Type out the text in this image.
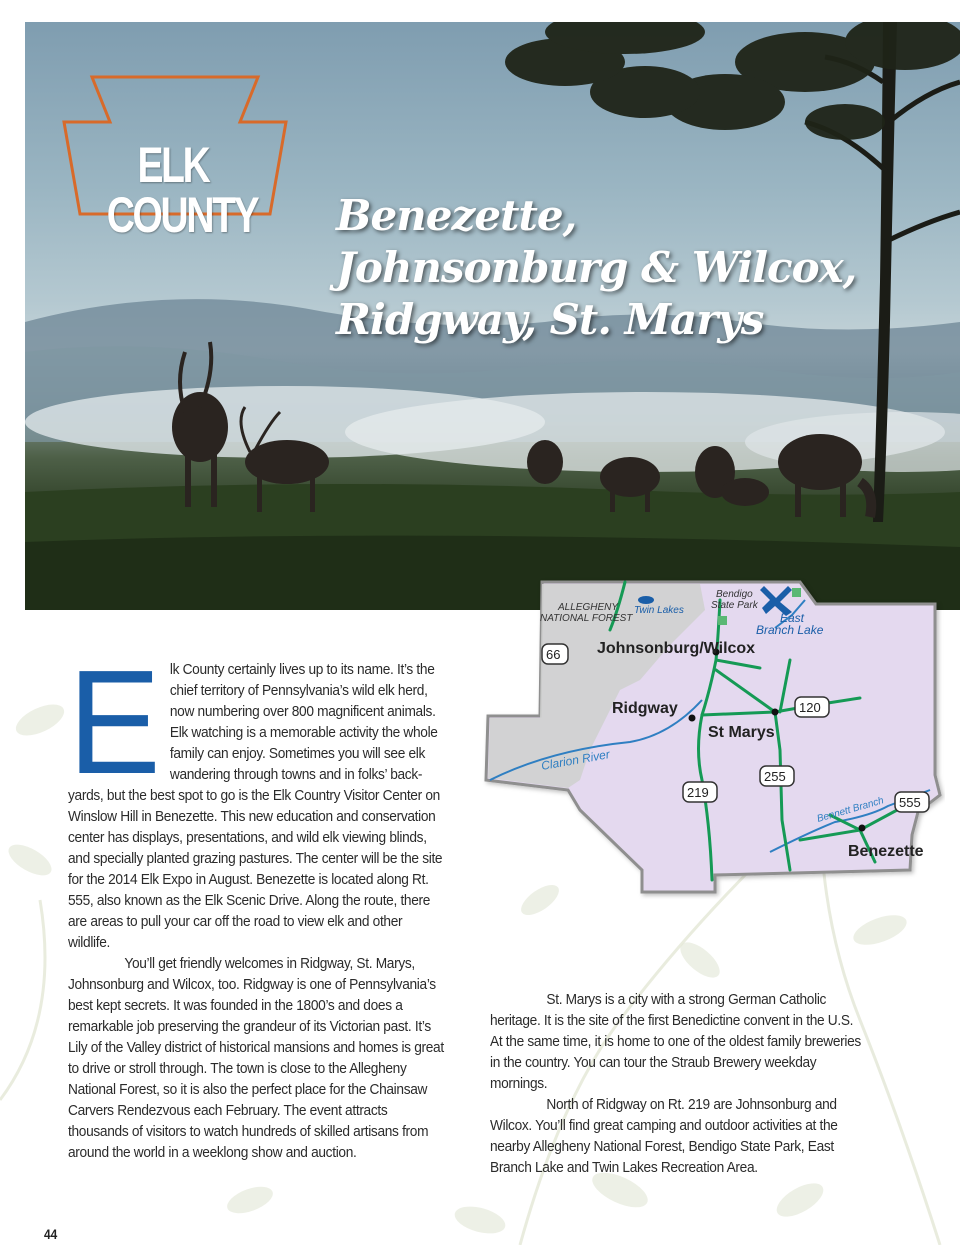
ELK
COUNTY Benezette,
Johnsonburg & Wilcox,
Ridgway, St. Marys
ALLEGHENY
NATIONAL FOREST
Twin Lakes
Bendigo
State Park
East
Branch Lake
Johnsonburg/Wilcox
Ridgway
St Marys
Benezette
Clarion River
Bennett Branch
66
120
255
219
555

Elk County certainly lives up to its name. It’s the chief territory of Pennsylvania’s wild elk herd, now numbering over 800 magnificent animals. Elk watching is a memorable activity the whole family can enjoy. Sometimes you will see elk wandering through towns and in folks’ back-yards, but the best spot to go is the Elk Country Visitor Center on Winslow Hill in Benezette. This new education and conservation center has displays, presentations, and wild elk viewing blinds, and specially planted grazing pastures. The center will be the site for the 2014 Elk Expo in August. Benezette is located along Rt. 555, also known as the Elk Scenic Drive. Along the route, there are areas to pull your car off the road to view elk and other wildlife.

You’ll get friendly welcomes in Ridgway, St. Marys, Johnsonburg and Wilcox, too. Ridgway is one of Pennsylvania’s best kept secrets. It was founded in the 1800’s and does a remarkable job preserving the grandeur of its Victorian past. It’s Lily of the Valley district of historical mansions and homes is great to drive or stroll through. The town is close to the Allegheny National Forest, so it is also the perfect place for the Chainsaw Carvers Rendezvous each February. The event attracts thousands of visitors to watch hundreds of skilled artisans from around the world in a weeklong show and auction.

St. Marys is a city with a strong German Catholic heritage. It is the site of the first Benedictine convent in the U.S. At the same time, it is home to one of the oldest family breweries in the country. You can tour the Straub Brewery weekday mornings.

North of Ridgway on Rt. 219 are Johnsonburg and Wilcox. You’ll find great camping and outdoor activities at the nearby Allegheny National Forest, Bendigo State Park, East Branch Lake and Twin Lakes Recreation Area.

44
